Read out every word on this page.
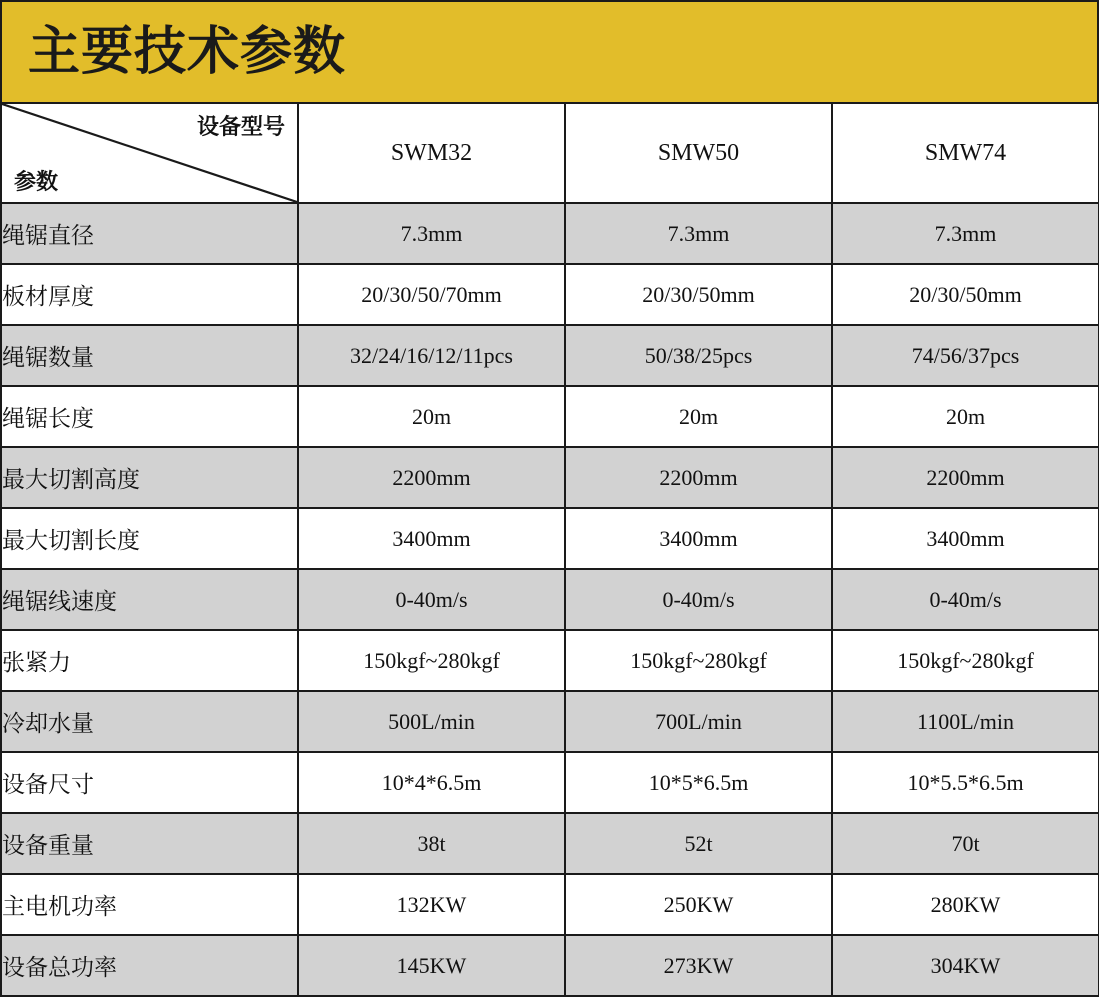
主要技术参数
设备型号
参数	SWM32	SMW50	SMW74
绳锯直径	7.3mm	7.3mm	7.3mm
板材厚度	20/30/50/70mm	20/30/50mm	20/30/50mm
绳锯数量	32/24/16/12/11pcs	50/38/25pcs	74/56/37pcs
绳锯长度	20m	20m	20m
最大切割高度	2200mm	2200mm	2200mm
最大切割长度	3400mm	3400mm	3400mm
绳锯线速度	0-40m/s	0-40m/s	0-40m/s
张紧力	150kgf~280kgf	150kgf~280kgf	150kgf~280kgf
冷却水量	500L/min	700L/min	1100L/min
设备尺寸	10*4*6.5m	10*5*6.5m	10*5.5*6.5m
设备重量	38t	52t	70t
主电机功率	132KW	250KW	280KW
设备总功率	145KW	273KW	304KW
